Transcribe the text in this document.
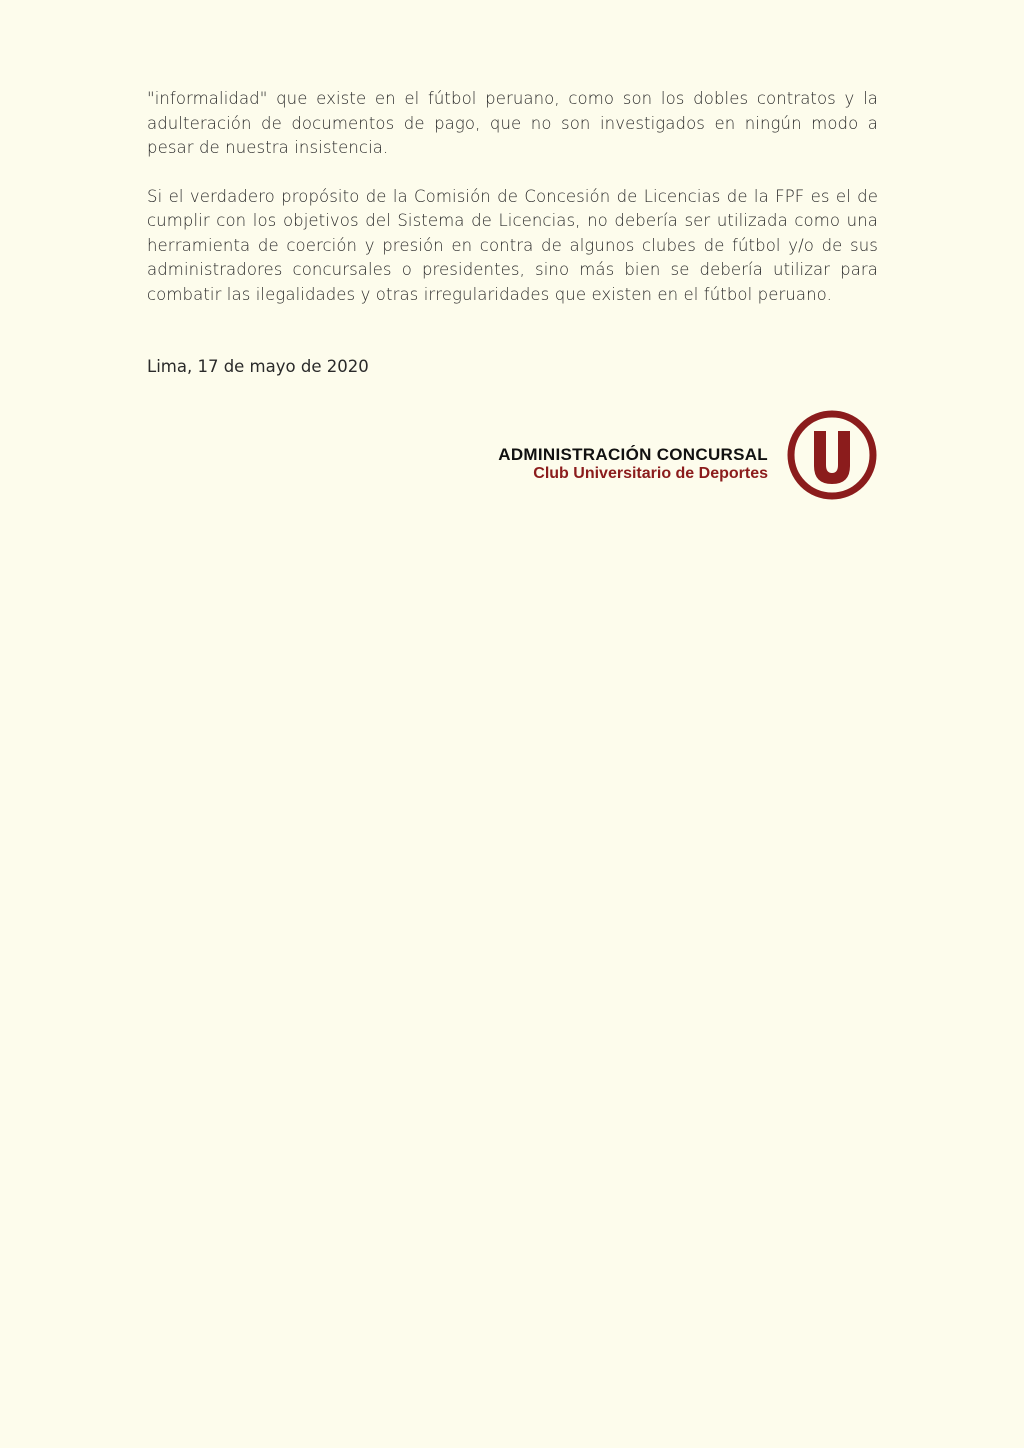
"informalidad" que existe en el fútbol peruano, como son los dobles contratos y la adulteración de documentos de pago, que no son investigados en ningún modo a pesar de nuestra insistencia.

Si el verdadero propósito de la Comisión de Concesión de Licencias de la FPF es el de cumplir con los objetivos del Sistema de Licencias, no debería ser utilizada como una herramienta de coerción y presión en contra de algunos clubes de fútbol y/o de sus administradores concursales o presidentes, sino más bien se debería utilizar para combatir las ilegalidades y otras irregularidades que existen en el fútbol peruano.

Lima, 17 de mayo de 2020

ADMINISTRACIÓN CONCURSAL
Club Universitario de Deportes
